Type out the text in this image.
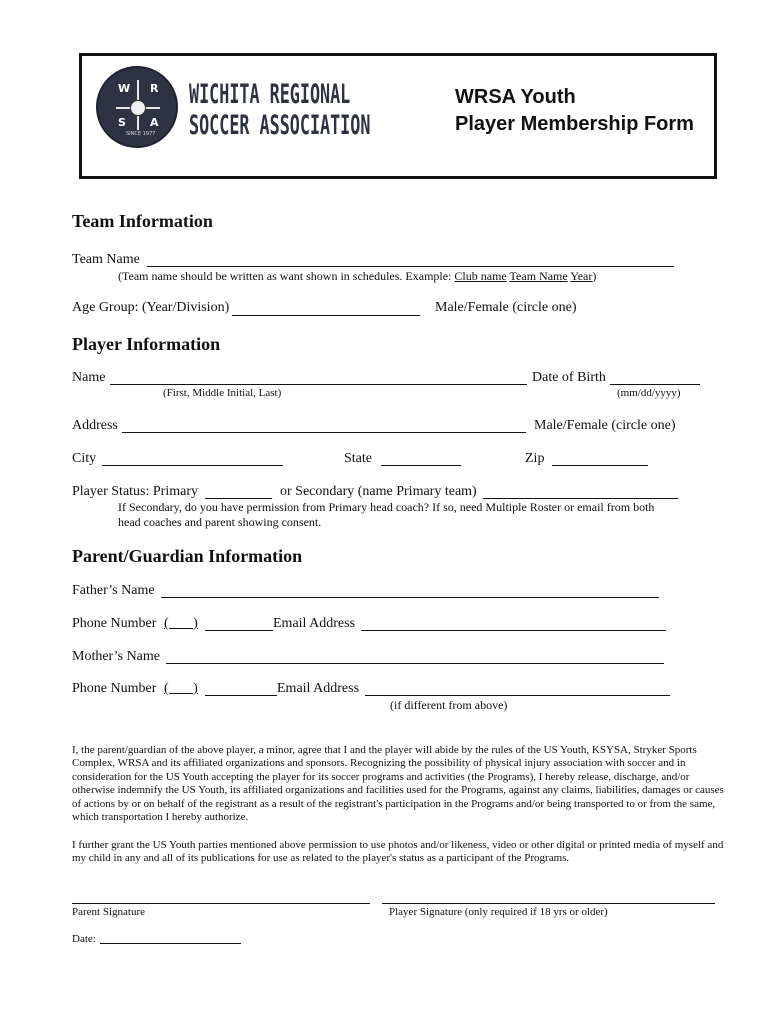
W R
S A
SINCE 1977
WICHITA REGIONAL
SOCCER ASSOCIATION
WRSA Youth
Player Membership Form
Team Information
Team Name
(Team name should be written as want shown in schedules. Example: Club name Team Name Year)
Age Group: (Year/Division)	Male/Female (circle one)
Player Information
Name	Date of Birth
(First, Middle Initial, Last)	(mm/dd/yyyy)
Address	Male/Female (circle one)
City	State	Zip
Player Status: Primary	or Secondary (name Primary team)
If Secondary, do you have permission from Primary head coach? If so, need Multiple Roster or email from both
head coaches and parent showing consent.
Parent/Guardian Information
Father’s Name
Phone Number (       )	Email Address
Mother’s Name
Phone Number (       )	Email Address
(if different from above)
I, the parent/guardian of the above player, a minor, agree that I and the player will abide by the rules of the US Youth, KSYSA, Stryker Sports Complex, WRSA and its affiliated organizations and sponsors. Recognizing the possibility of physical injury association with soccer and in consideration for the US Youth accepting the player for its soccer programs and activities (the Programs), I hereby release, discharge, and/or otherwise indemnify the US Youth, its affiliated organizations and facilities used for the Programs, against any claims, liabilities, damages or causes of actions by or on behalf of the registrant as a result of the registrant's participation in the Programs and/or being transported to or from the same, which transportation I hereby authorize.
I further grant the US Youth parties mentioned above permission to use photos and/or likeness, video or other digital or printed media of myself and my child in any and all of its publications for use as related to the player's status as a participant of the Programs.
Parent Signature	Player Signature (only required if 18 yrs or older)
Date:
